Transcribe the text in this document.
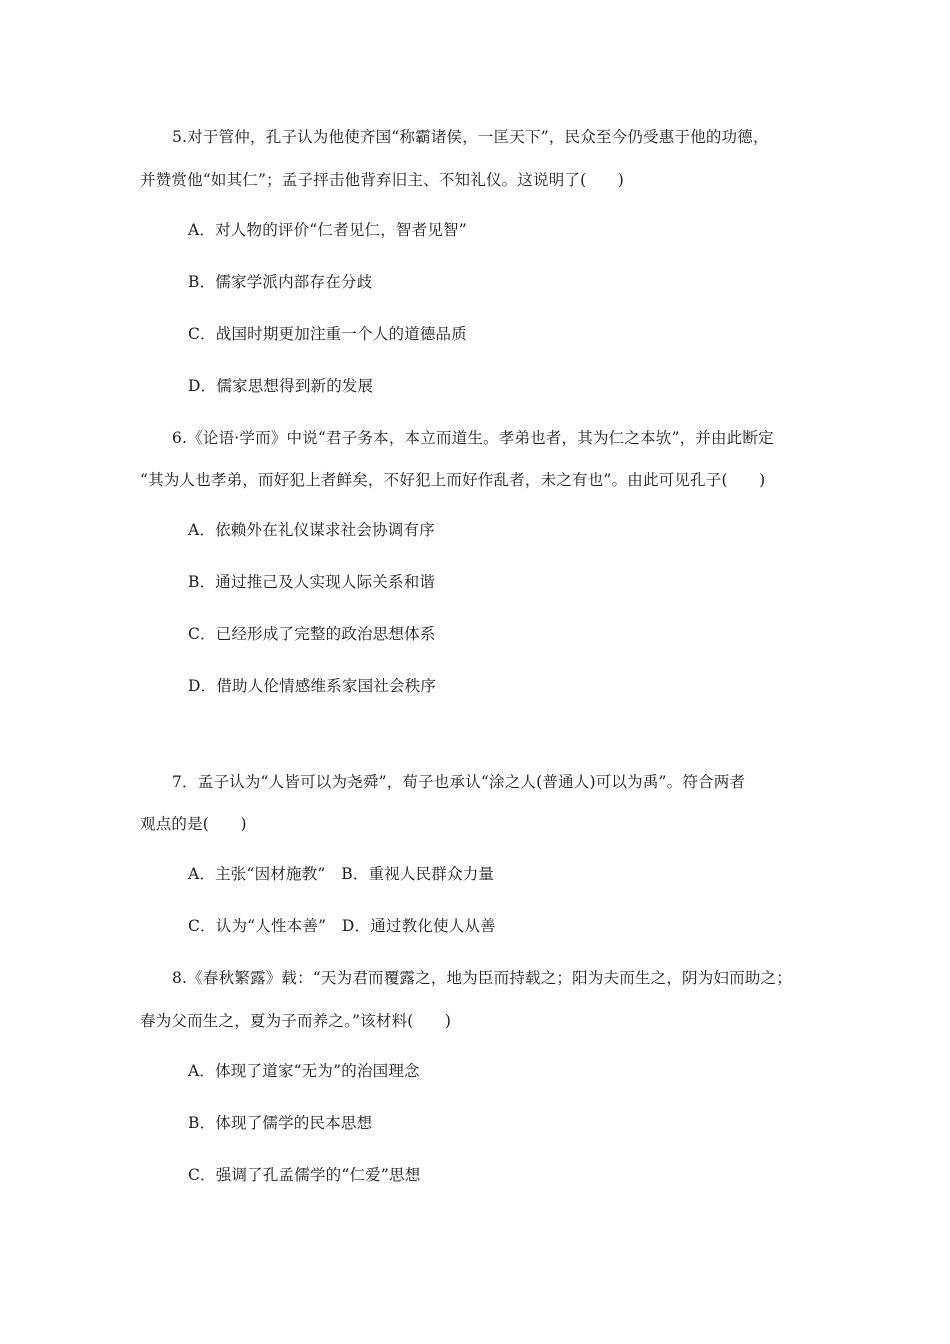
5.对于管仲，孔子认为他使齐国“称霸诸侯，一匡天下”，民众至今仍受惠于他的功德，
并赞赏他“如其仁”；孟子抨击他背弃旧主、不知礼仪。这说明了(　　)
A．对人物的评价“仁者见仁，智者见智”
B．儒家学派内部存在分歧
C．战国时期更加注重一个人的道德品质
D．儒家思想得到新的发展
6.《论语·学而》中说“君子务本，本立而道生。孝弟也者，其为仁之本欤”，并由此断定
“其为人也孝弟，而好犯上者鲜矣，不好犯上而好作乱者，未之有也”。由此可见孔子(　　)
A．依赖外在礼仪谋求社会协调有序
B．通过推己及人实现人际关系和谐
C．已经形成了完整的政治思想体系
D．借助人伦情感维系家国社会秩序
7．孟子认为“人皆可以为尧舜”，荀子也承认“涂之人(普通人)可以为禹”。符合两者
观点的是(　　)
A．主张“因材施教”　B．重视人民群众力量
C．认为“人性本善”　D．通过教化使人从善
8.《春秋繁露》载：“天为君而覆露之，地为臣而持载之；阳为夫而生之，阴为妇而助之；
春为父而生之，夏为子而养之。”该材料(　　)
A．体现了道家“无为”的治国理念
B．体现了儒学的民本思想
C．强调了孔孟儒学的“仁爱”思想
